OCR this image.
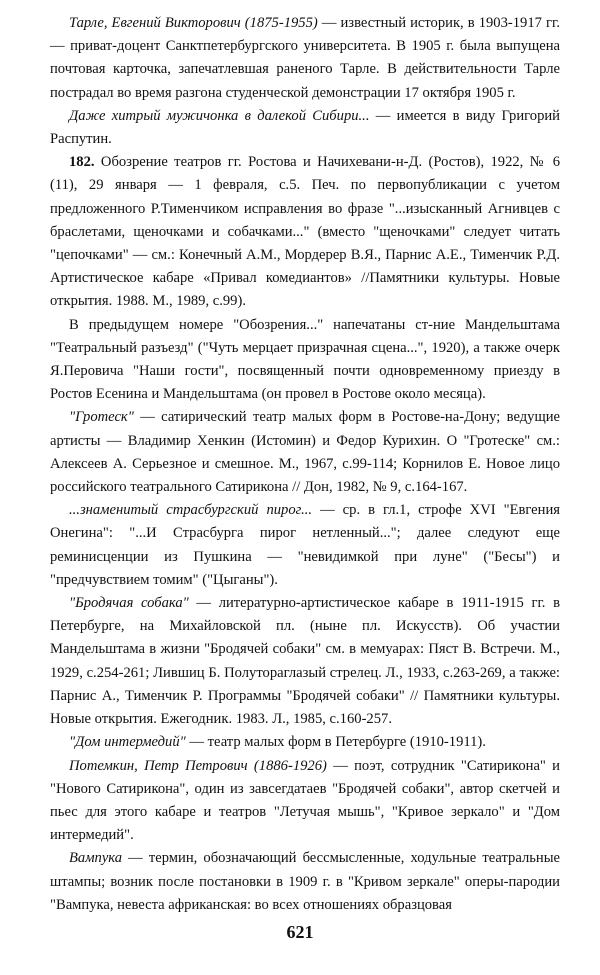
Тарле, Евгений Викторович (1875-1955) — известный историк, в 1903-1917 гг.— приват-доцент Санктпетербургского университета. В 1905 г. была выпущена почтовая карточка, запечатлевшая раненого Тарле. В действительности Тарле пострадал во время разгона студенческой демонстрации 17 октября 1905 г.

Даже хитрый мужичонка в далекой Сибири... — имеется в виду Григорий Распутин.

182. Обозрение театров гг. Ростова и Начихевани-н-Д. (Ростов), 1922, № 6 (11), 29 января — 1 февраля, с.5. Печ. по первопубликации с учетом предложенного Р.Тименчиком исправления во фразе "...изысканный Агнивцев с браслетами, щеночками и собачками..." (вместо "щеночками" следует читать "цепочками" — см.: Конечный А.М., Мордерер В.Я., Парнис А.Е., Тименчик Р.Д. Артистическое кабаре «Привал комедиантов» //Памятники культуры. Новые открытия. 1988. М., 1989, с.99).

В предыдущем номере "Обозрения..." напечатаны ст-ние Мандельштама "Театральный разъезд" ("Чуть мерцает призрачная сцена...", 1920), а также очерк Я.Перовича "Наши гости", посвященный почти одновременному приезду в Ростов Есенина и Мандельштама (он провел в Ростове около месяца).

"Гротеск" — сатирический театр малых форм в Ростове-на-Дону; ведущие артисты — Владимир Хенкин (Истомин) и Федор Курихин. О "Гротеске" см.: Алексеев А. Серьезное и смешное. М., 1967, с.99-114; Корнилов Е. Новое лицо российского театрального Сатирикона // Дон, 1982, № 9, с.164-167.

...знаменитый страсбургский пирог... — ср. в гл.1, строфе XVI "Евгения Онегина": "...И Страсбурга пирог нетленный..."; далее следуют еще реминисценции из Пушкина — "невидимкой при луне" ("Бесы") и "предчувствием томим" ("Цыганы").

"Бродячая собака" — литературно-артистическое кабаре в 1911-1915 гг. в Петербурге, на Михайловской пл. (ныне пл. Искусств). Об участии Мандельштама в жизни "Бродячей собаки" см. в мемуарах: Пяст В. Встречи. М., 1929, с.254-261; Лившиц Б. Полутораглазый стрелец. Л., 1933, с.263-269, а также: Парнис А., Тименчик Р. Программы "Бродячей собаки" // Памятники культуры. Новые открытия. Ежегодник. 1983. Л., 1985, с.160-257.

"Дом интермедий" — театр малых форм в Петербурге (1910-1911).

Потемкин, Петр Петрович (1886-1926) — поэт, сотрудник "Сатирикона" и "Нового Сатирикона", один из завсегдатаев "Бродячей собаки", автор скетчей и пьес для этого кабаре и театров "Летучая мышь", "Кривое зеркало" и "Дом интермедий".

Вампука — термин, обозначающий бессмысленные, ходульные театральные штампы; возник после постановки в 1909 г. в "Кривом зеркале" оперы-пародии "Вампука, невеста африканская: во всех отношениях образцовая

621
